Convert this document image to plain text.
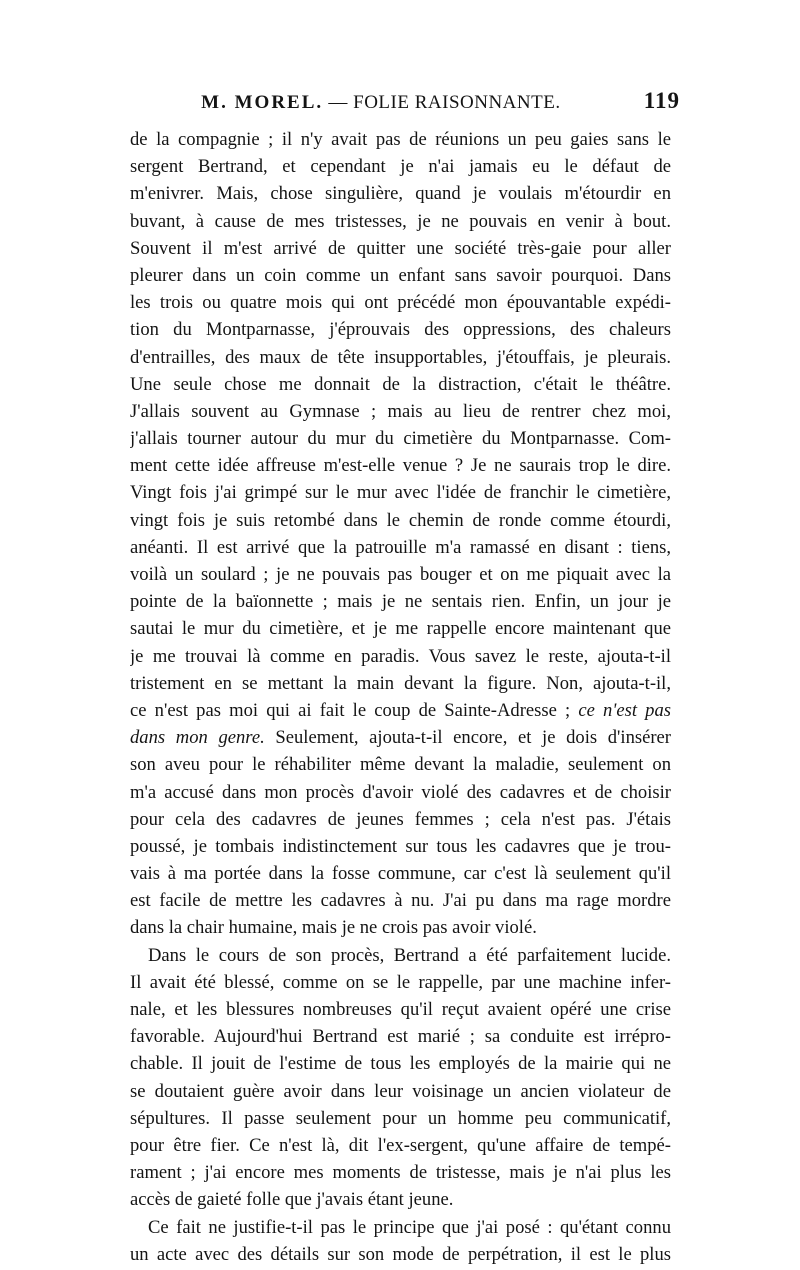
M. MOREL. — FOLIE RAISONNANTE.	119
de la compagnie ; il n'y avait pas de réunions un peu gaies sans le
sergent Bertrand, et cependant je n'ai jamais eu le défaut de
m'enivrer. Mais, chose singulière, quand je voulais m'étourdir en
buvant, à cause de mes tristesses, je ne pouvais en venir à bout.
Souvent il m'est arrivé de quitter une société très-gaie pour aller
pleurer dans un coin comme un enfant sans savoir pourquoi. Dans
les trois ou quatre mois qui ont précédé mon épouvantable expédi-
tion du Montparnasse, j'éprouvais des oppressions, des chaleurs
d'entrailles, des maux de tête insupportables, j'étouffais, je pleurais.
Une seule chose me donnait de la distraction, c'était le théâtre.
J'allais souvent au Gymnase ; mais au lieu de rentrer chez moi,
j'allais tourner autour du mur du cimetière du Montparnasse. Com-
ment cette idée affreuse m'est-elle venue ? Je ne saurais trop le dire.
Vingt fois j'ai grimpé sur le mur avec l'idée de franchir le cimetière,
vingt fois je suis retombé dans le chemin de ronde comme étourdi,
anéanti. Il est arrivé que la patrouille m'a ramassé en disant : tiens,
voilà un soulard ; je ne pouvais pas bouger et on me piquait avec la
pointe de la baïonnette ; mais je ne sentais rien. Enfin, un jour je
sautai le mur du cimetière, et je me rappelle encore maintenant que
je me trouvai là comme en paradis. Vous savez le reste, ajouta-t-il
tristement en se mettant la main devant la figure. Non, ajouta-t-il,
ce n'est pas moi qui ai fait le coup de Sainte-Adresse ; ce n'est pas
dans mon genre. Seulement, ajouta-t-il encore, et je dois d'insérer
son aveu pour le réhabiliter même devant la maladie, seulement on
m'a accusé dans mon procès d'avoir violé des cadavres et de choisir
pour cela des cadavres de jeunes femmes ; cela n'est pas. J'étais
poussé, je tombais indistinctement sur tous les cadavres que je trou-
vais à ma portée dans la fosse commune, car c'est là seulement qu'il
est facile de mettre les cadavres à nu. J'ai pu dans ma rage mordre
dans la chair humaine, mais je ne crois pas avoir violé.
Dans le cours de son procès, Bertrand a été parfaitement lucide.
Il avait été blessé, comme on se le rappelle, par une machine infer-
nale, et les blessures nombreuses qu'il reçut avaient opéré une crise
favorable. Aujourd'hui Bertrand est marié ; sa conduite est irrépro-
chable. Il jouit de l'estime de tous les employés de la mairie qui ne
se doutaient guère avoir dans leur voisinage un ancien violateur de
sépultures. Il passe seulement pour un homme peu communicatif,
pour être fier. Ce n'est là, dit l'ex-sergent, qu'une affaire de tempé-
rament ; j'ai encore mes moments de tristesse, mais je n'ai plus les
accès de gaieté folle que j'avais étant jeune.
Ce fait ne justifie-t-il pas le principe que j'ai posé : qu'étant connu
un acte avec des détails sur son mode de perpétration, il est le plus
